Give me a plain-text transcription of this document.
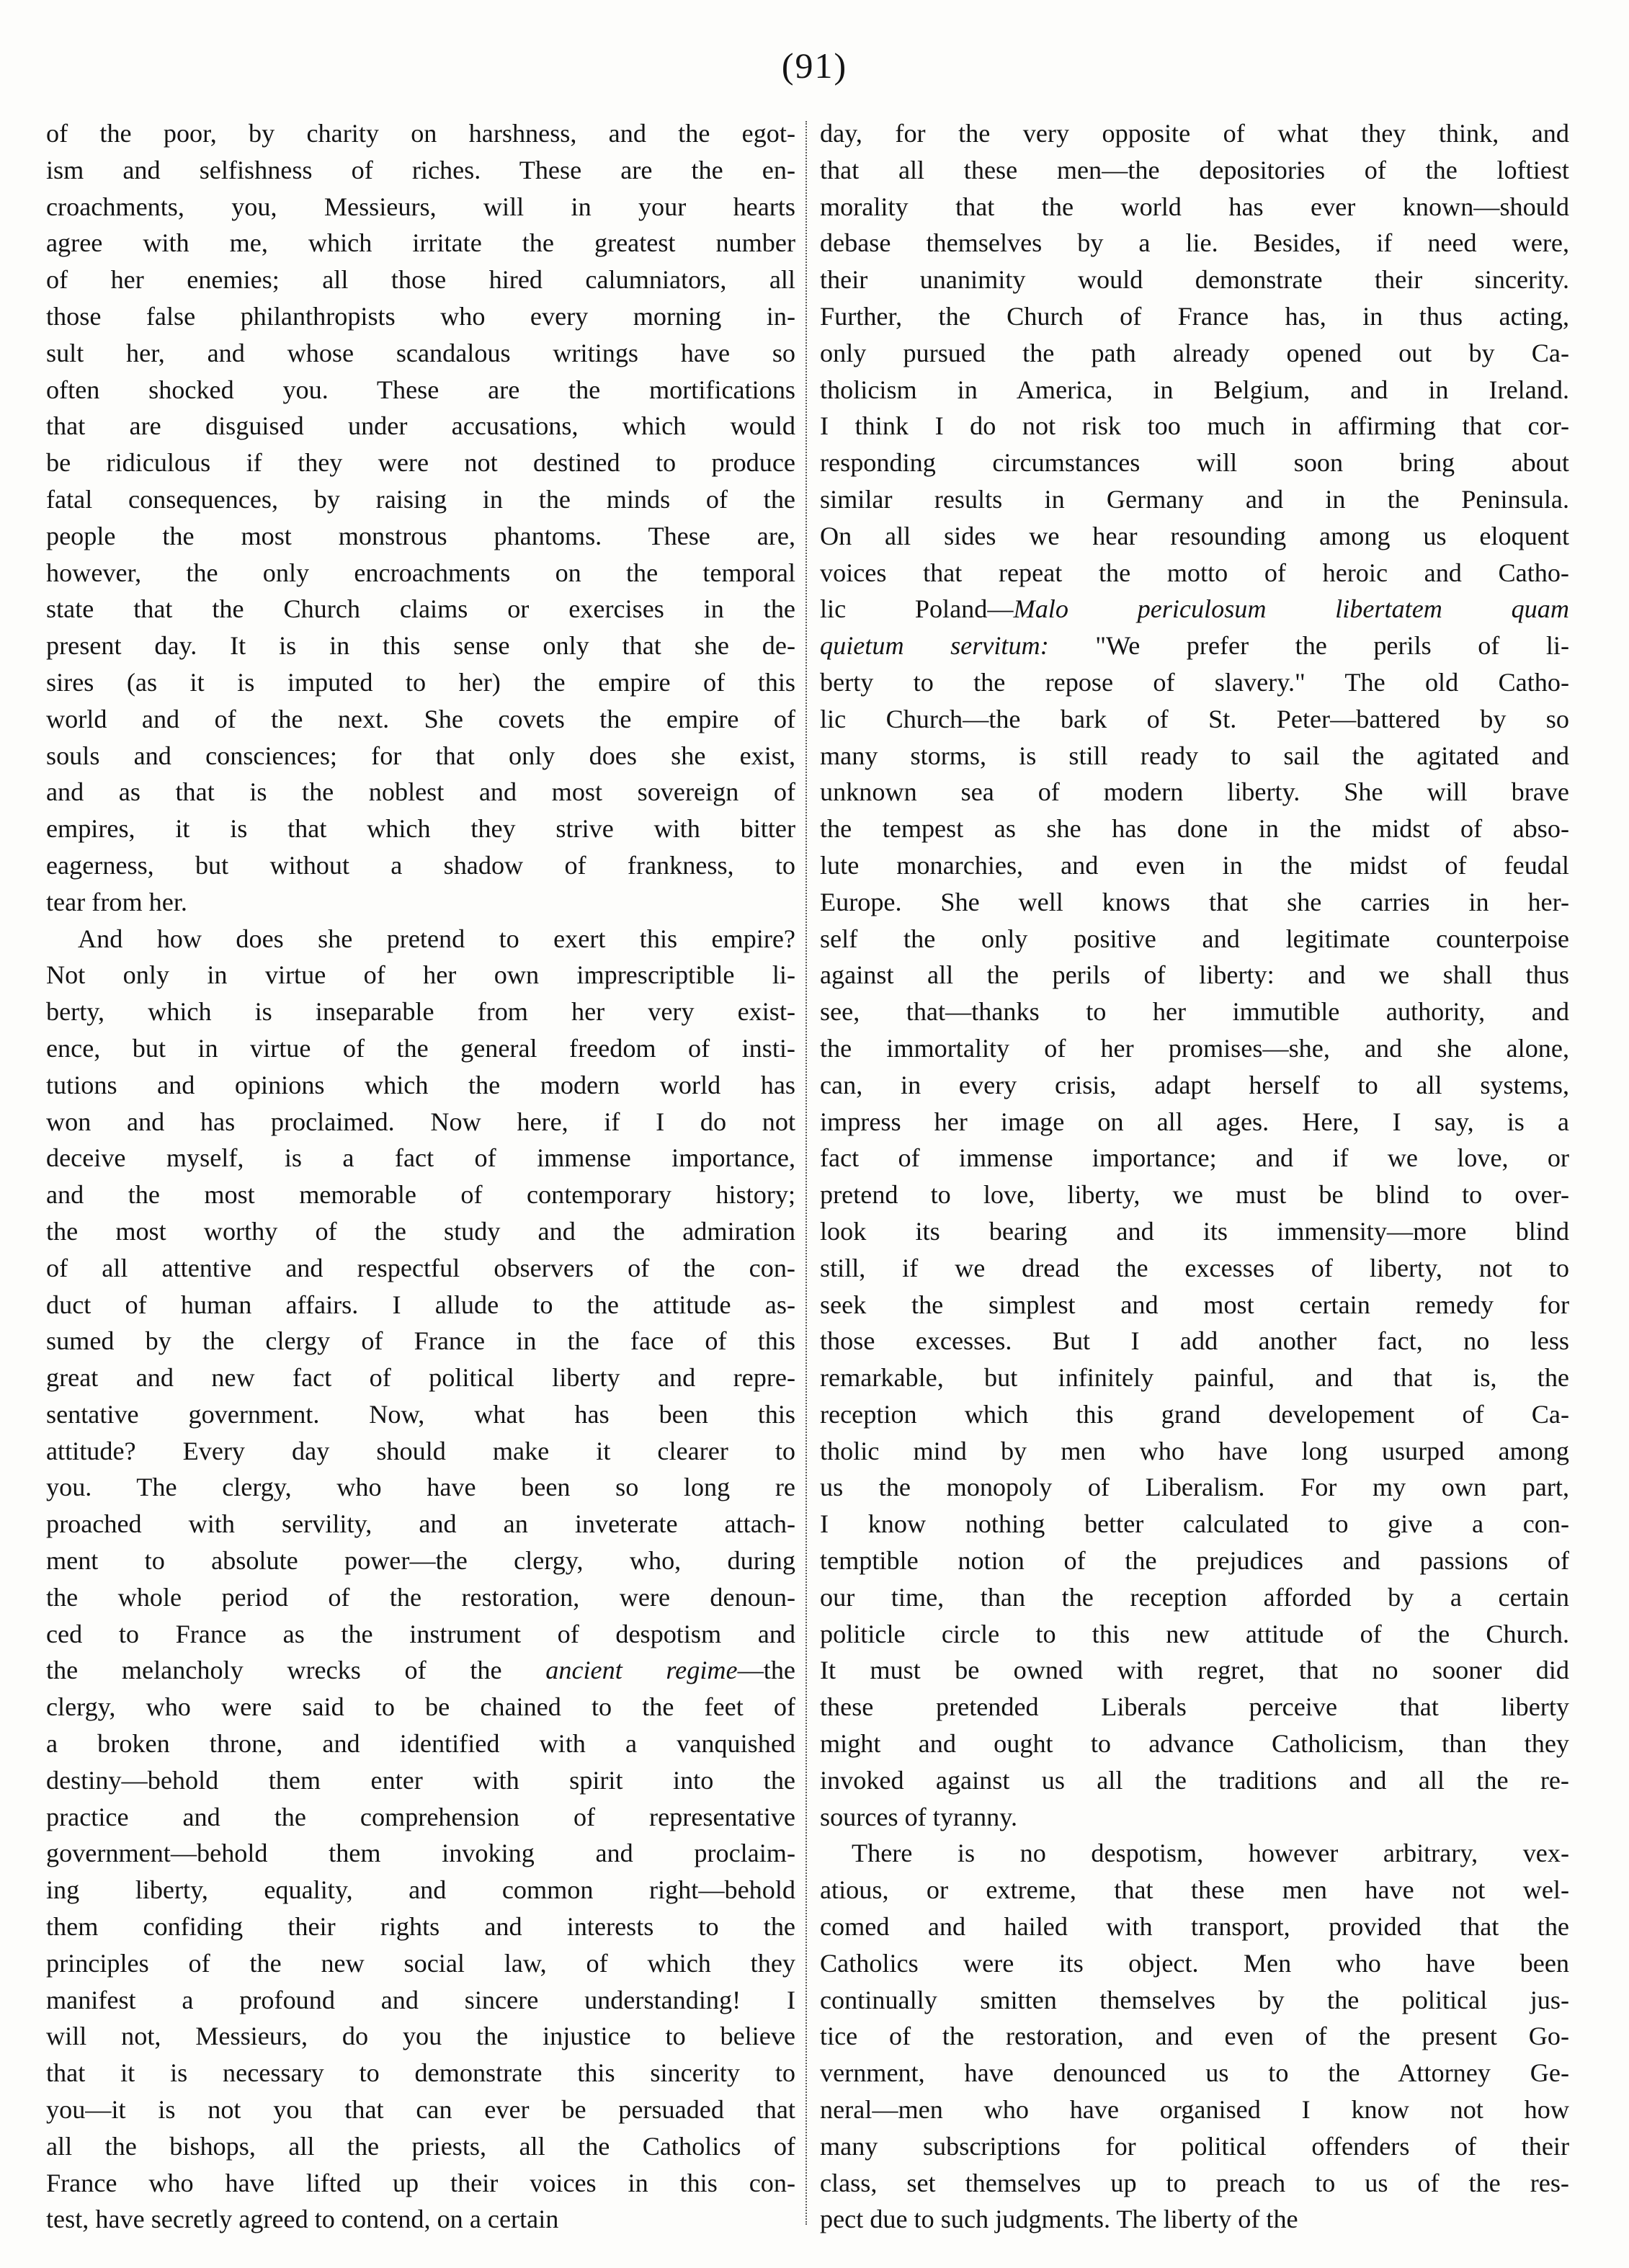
(91)
of the poor, by charity on harshness, and the egot-
ism and selfishness of riches. These are the en-
croachments, you, Messieurs, will in your hearts
agree with me, which irritate the greatest number
of her enemies; all those hired calumniators, all
those false philanthropists who every morning in-
sult her, and whose scandalous writings have so
often shocked you. These are the mortifications
that are disguised under accusations, which would
be ridiculous if they were not destined to produce
fatal consequences, by raising in the minds of the
people the most monstrous phantoms. These are,
however, the only encroachments on the temporal
state that the Church claims or exercises in the
present day. It is in this sense only that she de-
sires (as it is imputed to her) the empire of this
world and of the next. She covets the empire of
souls and consciences; for that only does she exist,
and as that is the noblest and most sovereign of
empires, it is that which they strive with bitter
eagerness, but without a shadow of frankness, to
tear from her.
And how does she pretend to exert this empire?
Not only in virtue of her own imprescriptible li-
berty, which is inseparable from her very exist-
ence, but in virtue of the general freedom of insti-
tutions and opinions which the modern world has
won and has proclaimed. Now here, if I do not
deceive myself, is a fact of immense importance,
and the most memorable of contemporary history;
the most worthy of the study and the admiration
of all attentive and respectful observers of the con-
duct of human affairs. I allude to the attitude as-
sumed by the clergy of France in the face of this
great and new fact of political liberty and repre-
sentative government. Now, what has been this
attitude? Every day should make it clearer to
you. The clergy, who have been so long re
proached with servility, and an inveterate attach-
ment to absolute power—the clergy, who, during
the whole period of the restoration, were denoun-
ced to France as the instrument of despotism and
the melancholy wrecks of the ancient regime—the
clergy, who were said to be chained to the feet of
a broken throne, and identified with a vanquished
destiny—behold them enter with spirit into the
practice and the comprehension of representative
government—behold them invoking and proclaim-
ing liberty, equality, and common right—behold
them confiding their rights and interests to the
principles of the new social law, of which they
manifest a profound and sincere understanding! I
will not, Messieurs, do you the injustice to believe
that it is necessary to demonstrate this sincerity to
you—it is not you that can ever be persuaded that
all the bishops, all the priests, all the Catholics of
France who have lifted up their voices in this con-
test, have secretly agreed to contend, on a certain
day, for the very opposite of what they think, and
that all these men—the depositories of the loftiest
morality that the world has ever known—should
debase themselves by a lie. Besides, if need were,
their unanimity would demonstrate their sincerity.
Further, the Church of France has, in thus acting,
only pursued the path already opened out by Ca-
tholicism in America, in Belgium, and in Ireland.
I think I do not risk too much in affirming that cor-
responding circumstances will soon bring about
similar results in Germany and in the Peninsula.
On all sides we hear resounding among us eloquent
voices that repeat the motto of heroic and Catho-
lic Poland—Malo periculosum libertatem quam
quietum servitum: "We prefer the perils of li-
berty to the repose of slavery." The old Catho-
lic Church—the bark of St. Peter—battered by so
many storms, is still ready to sail the agitated and
unknown sea of modern liberty. She will brave
the tempest as she has done in the midst of abso-
lute monarchies, and even in the midst of feudal
Europe. She well knows that she carries in her-
self the only positive and legitimate counterpoise
against all the perils of liberty: and we shall thus
see, that—thanks to her immutible authority, and
the immortality of her promises—she, and she alone,
can, in every crisis, adapt herself to all systems,
impress her image on all ages. Here, I say, is a
fact of immense importance; and if we love, or
pretend to love, liberty, we must be blind to over-
look its bearing and its immensity—more blind
still, if we dread the excesses of liberty, not to
seek the simplest and most certain remedy for
those excesses. But I add another fact, no less
remarkable, but infinitely painful, and that is, the
reception which this grand developement of Ca-
tholic mind by men who have long usurped among
us the monopoly of Liberalism. For my own part,
I know nothing better calculated to give a con-
temptible notion of the prejudices and passions of
our time, than the reception afforded by a certain
politicle circle to this new attitude of the Church.
It must be owned with regret, that no sooner did
these pretended Liberals perceive that liberty
might and ought to advance Catholicism, than they
invoked against us all the traditions and all the re-
sources of tyranny.
There is no despotism, however arbitrary, vex-
atious, or extreme, that these men have not wel-
comed and hailed with transport, provided that the
Catholics were its object. Men who have been
continually smitten themselves by the political jus-
tice of the restoration, and even of the present Go-
vernment, have denounced us to the Attorney Ge-
neral—men who have organised I know not how
many subscriptions for political offenders of their
class, set themselves up to preach to us of the res-
pect due to such judgments. The liberty of the
